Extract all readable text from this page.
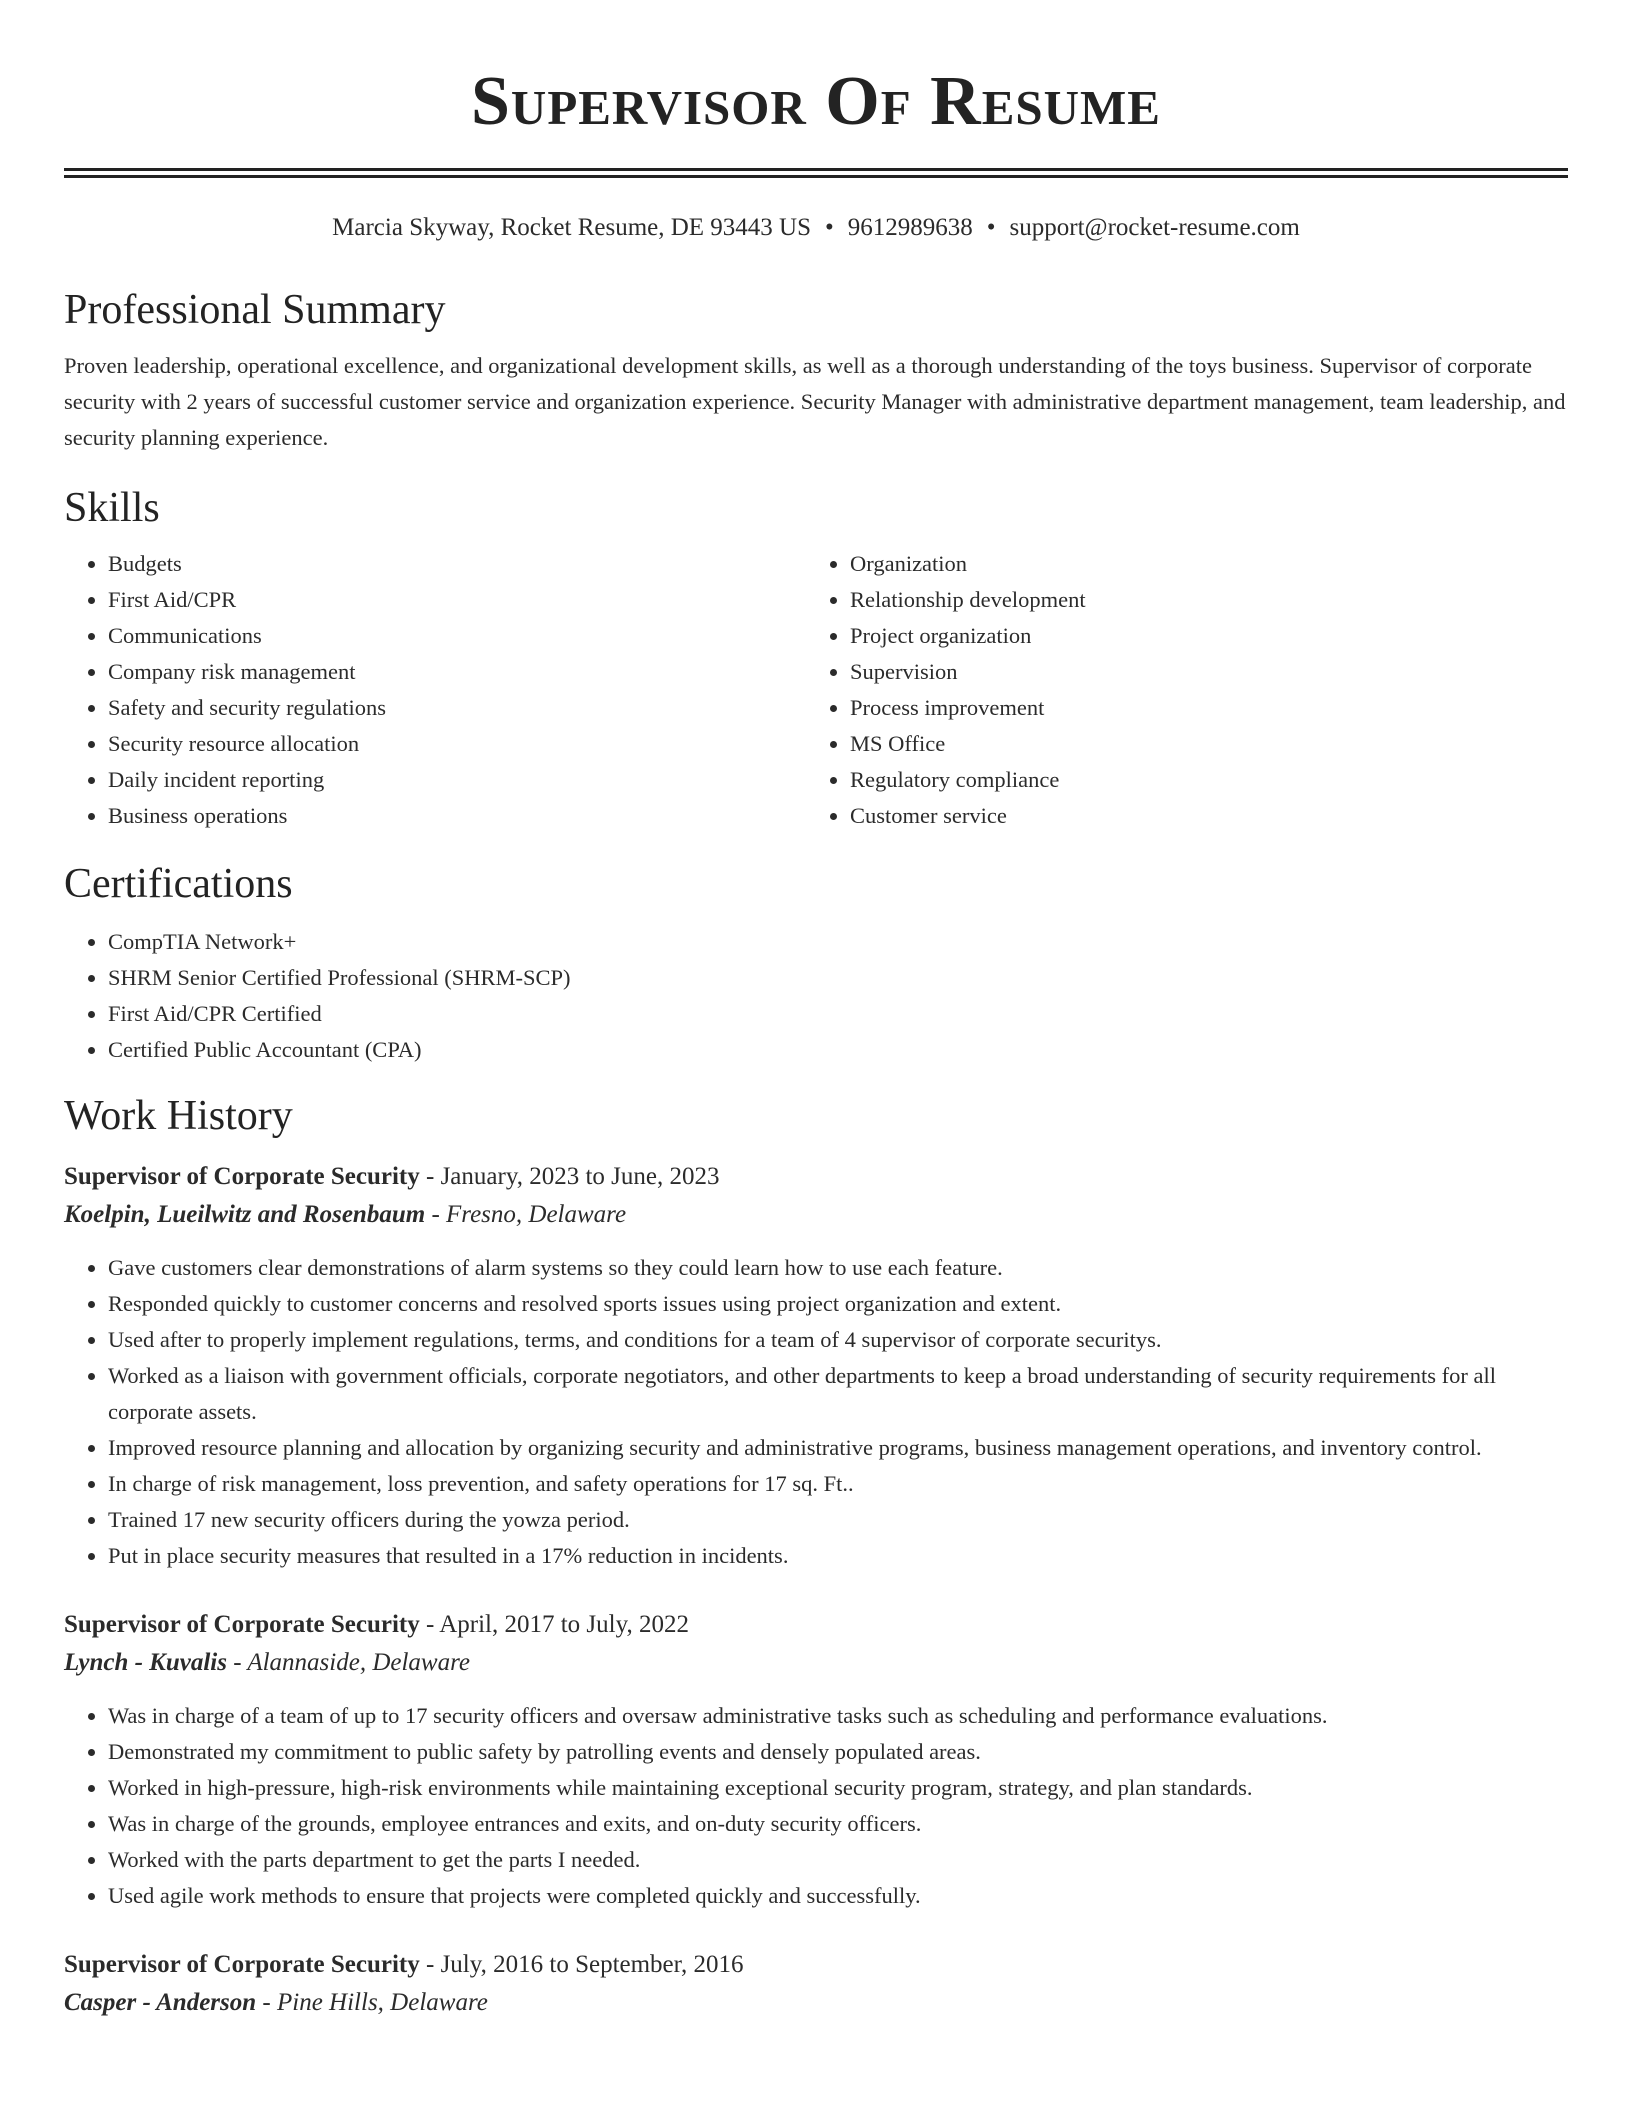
Supervisor Of Resume
Marcia Skyway, Rocket Resume, DE 93443 US • 9612989638 • support@rocket-resume.com
Professional Summary

Proven leadership, operational excellence, and organizational development skills, as well as a thorough understanding of the toys business. Supervisor of corporate security with 2 years of successful customer service and organization experience. Security Manager with administrative department management, team leadership, and security planning experience.

Skills
• Budgets
• First Aid/CPR
• Communications
• Company risk management
• Safety and security regulations
• Security resource allocation
• Daily incident reporting
• Business operations
• Organization
• Relationship development
• Project organization
• Supervision
• Process improvement
• MS Office
• Regulatory compliance
• Customer service
Certifications
• CompTIA Network+
• SHRM Senior Certified Professional (SHRM-SCP)
• First Aid/CPR Certified
• Certified Public Accountant (CPA)
Work History
Supervisor of Corporate Security - January, 2023 to June, 2023
Koelpin, Lueilwitz and Rosenbaum - Fresno, Delaware
• Gave customers clear demonstrations of alarm systems so they could learn how to use each feature.
• Responded quickly to customer concerns and resolved sports issues using project organization and extent.
• Used after to properly implement regulations, terms, and conditions for a team of 4 supervisor of corporate securitys.
• Worked as a liaison with government officials, corporate negotiators, and other departments to keep a broad understanding of security requirements for all corporate assets.
• Improved resource planning and allocation by organizing security and administrative programs, business management operations, and inventory control.
• In charge of risk management, loss prevention, and safety operations for 17 sq. Ft..
• Trained 17 new security officers during the yowza period.
• Put in place security measures that resulted in a 17% reduction in incidents.
Supervisor of Corporate Security - April, 2017 to July, 2022
Lynch - Kuvalis - Alannaside, Delaware
• Was in charge of a team of up to 17 security officers and oversaw administrative tasks such as scheduling and performance evaluations.
• Demonstrated my commitment to public safety by patrolling events and densely populated areas.
• Worked in high-pressure, high-risk environments while maintaining exceptional security program, strategy, and plan standards.
• Was in charge of the grounds, employee entrances and exits, and on-duty security officers.
• Worked with the parts department to get the parts I needed.
• Used agile work methods to ensure that projects were completed quickly and successfully.
Supervisor of Corporate Security - July, 2016 to September, 2016
Casper - Anderson - Pine Hills, Delaware
